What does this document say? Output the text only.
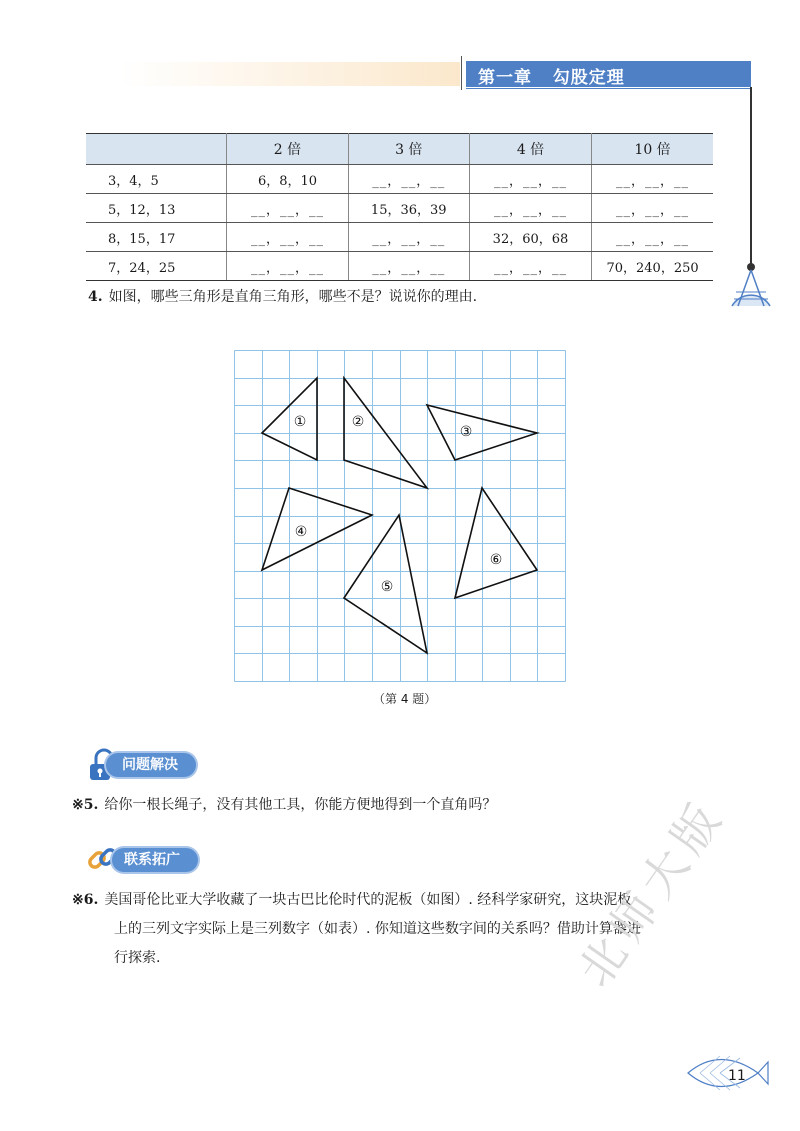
第一章   勾股定理
	2 倍	3 倍	4 倍	10 倍
3，4，5	6，8，10	__，__，__	__，__，__	__，__，__
5，12，13	__，__，__	15，36，39	__，__，__	__，__，__
8，15，17	__，__，__	__，__，__	32，60，68	__，__，__
7，24，25	__，__，__	__，__，__	__，__，__	70，240，250
4. 如图，哪些三角形是直角三角形，哪些不是？说说你的理由.
①	②
③
④
⑤
⑥
（第 4 题）
问题解决
※5. 给你一根长绳子，没有其他工具，你能方便地得到一个直角吗？
联系拓广
※6. 美国哥伦比亚大学收藏了一块古巴比伦时代的泥板（如图）. 经科学家研究，这块泥板
上的三列文字实际上是三列数字（如表）. 你知道这些数字间的关系吗？借助计算器进
行探索.	北师大版
11
